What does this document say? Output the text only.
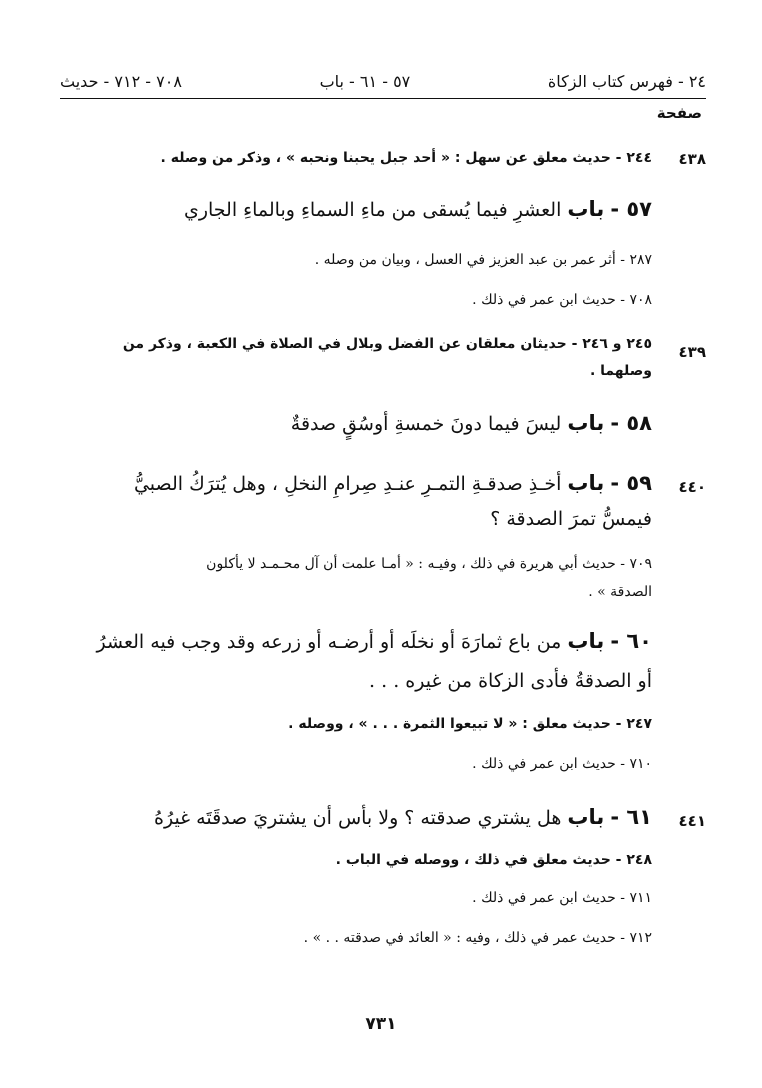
٢٤ - فهرس كتاب الزكاة
٥٧ - ٦١ - باب
٧٠٨ - ٧١٢ - حديث
صفحة
٤٣٨
٤٣٩
٤٤٠
٤٤١
٢٤٤ - حديث معلق عن سهل : « أحد جبل يحبنا ونحبه » ، وذكر من وصله .
٥٧ - باب العشرِ فيما يُسقى من ماءِ السماءِ وبالماءِ الجاري
٢٨٧ - أثر عمر بن عبد العزيز في العسل ، وبيان من وصله .
٧٠٨ - حديث ابن عمر في ذلك .
٢٤٥ و ٢٤٦ - حديثان معلقان عن الفضل وبلال في الصلاة في الكعبة ، وذكر من
وصلهما .
٥٨ - باب ليسَ فيما دونَ خمسةِ أوسُقٍ صدقةٌ
٥٩ - باب أخـذِ صدقـةِ التمـرِ عنـدِ صِرامِ النخلِ ، وهل يُترَكُ الصبيُّ
فيمسُّ تمرَ الصدقة ؟
٧٠٩ - حديث أبي هريرة في ذلك ، وفيـه : « أمـا علمت أن آل محـمـد لا يأكلون
الصدقة » .
٦٠ - باب من باع ثمارَهَ أو نخلَه أو أرضـه أو زرعه وقد وجب فيه العشرُ
أو الصدقةُ فأدى الزكاة من غيره . . .
٢٤٧ - حديث معلق : « لا تبيعوا الثمرة . . . » ، ووصله .
٧١٠ - حديث ابن عمر في ذلك .
٦١ - باب هل يشتري صدقته ؟ ولا بأس أن يشتريَ صدقَتَه غيرُهُ
٢٤٨ - حديث معلق في ذلك ، ووصله في الباب .
٧١١ - حديث ابن عمر في ذلك .
٧١٢ - حديث عمر في ذلك ، وفيه : « العائد في صدقته . . » .
٧٣١
